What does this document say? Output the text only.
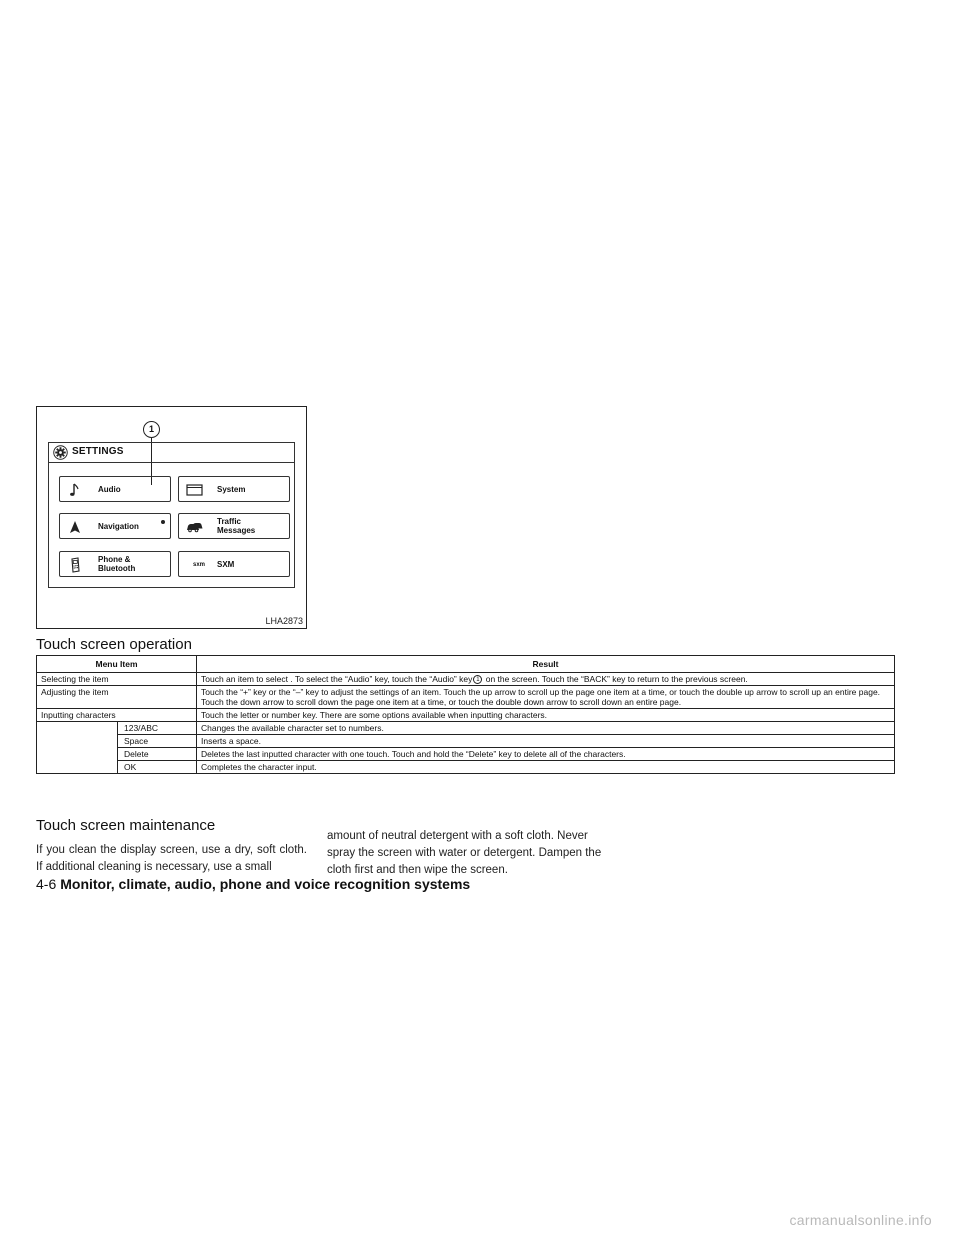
1
SETTINGS
Audio	System
Navigation	Traffic
Messages
Phone &
Bluetooth	sxm SXM
LHA2873
Touch screen operation
Menu Item		Result
Selecting the item		Touch an item to select . To select the “Audio” key, touch the “Audio” key 1 on the screen. Touch the “BACK” key to return to the previous screen.
Adjusting the item		Touch the “+” key or the “–” key to adjust the settings of an item. Touch the up arrow to scroll up the page one item at a time, or touch the double up arrow to scroll up an entire page. Touch the down arrow to scroll down the page one item at a time, or touch the double down arrow to scroll down an entire page.
Inputting characters		Touch the letter or number key. There are some options available when inputting characters.
	123/ABC	Changes the available character set to numbers.
	Space	Inserts a space.
	Delete	Deletes the last inputted character with one touch. Touch and hold the “Delete” key to delete all of the characters.
	OK	Completes the character input.
Touch screen maintenance
If you clean the display screen, use a dry, soft cloth. If additional cleaning is necessary, use a small
amount of neutral detergent with a soft cloth. Never spray the screen with water or detergent. Dampen the cloth first and then wipe the screen.
4-6 Monitor, climate, audio, phone and voice recognition systems
carmanualsonline.info
